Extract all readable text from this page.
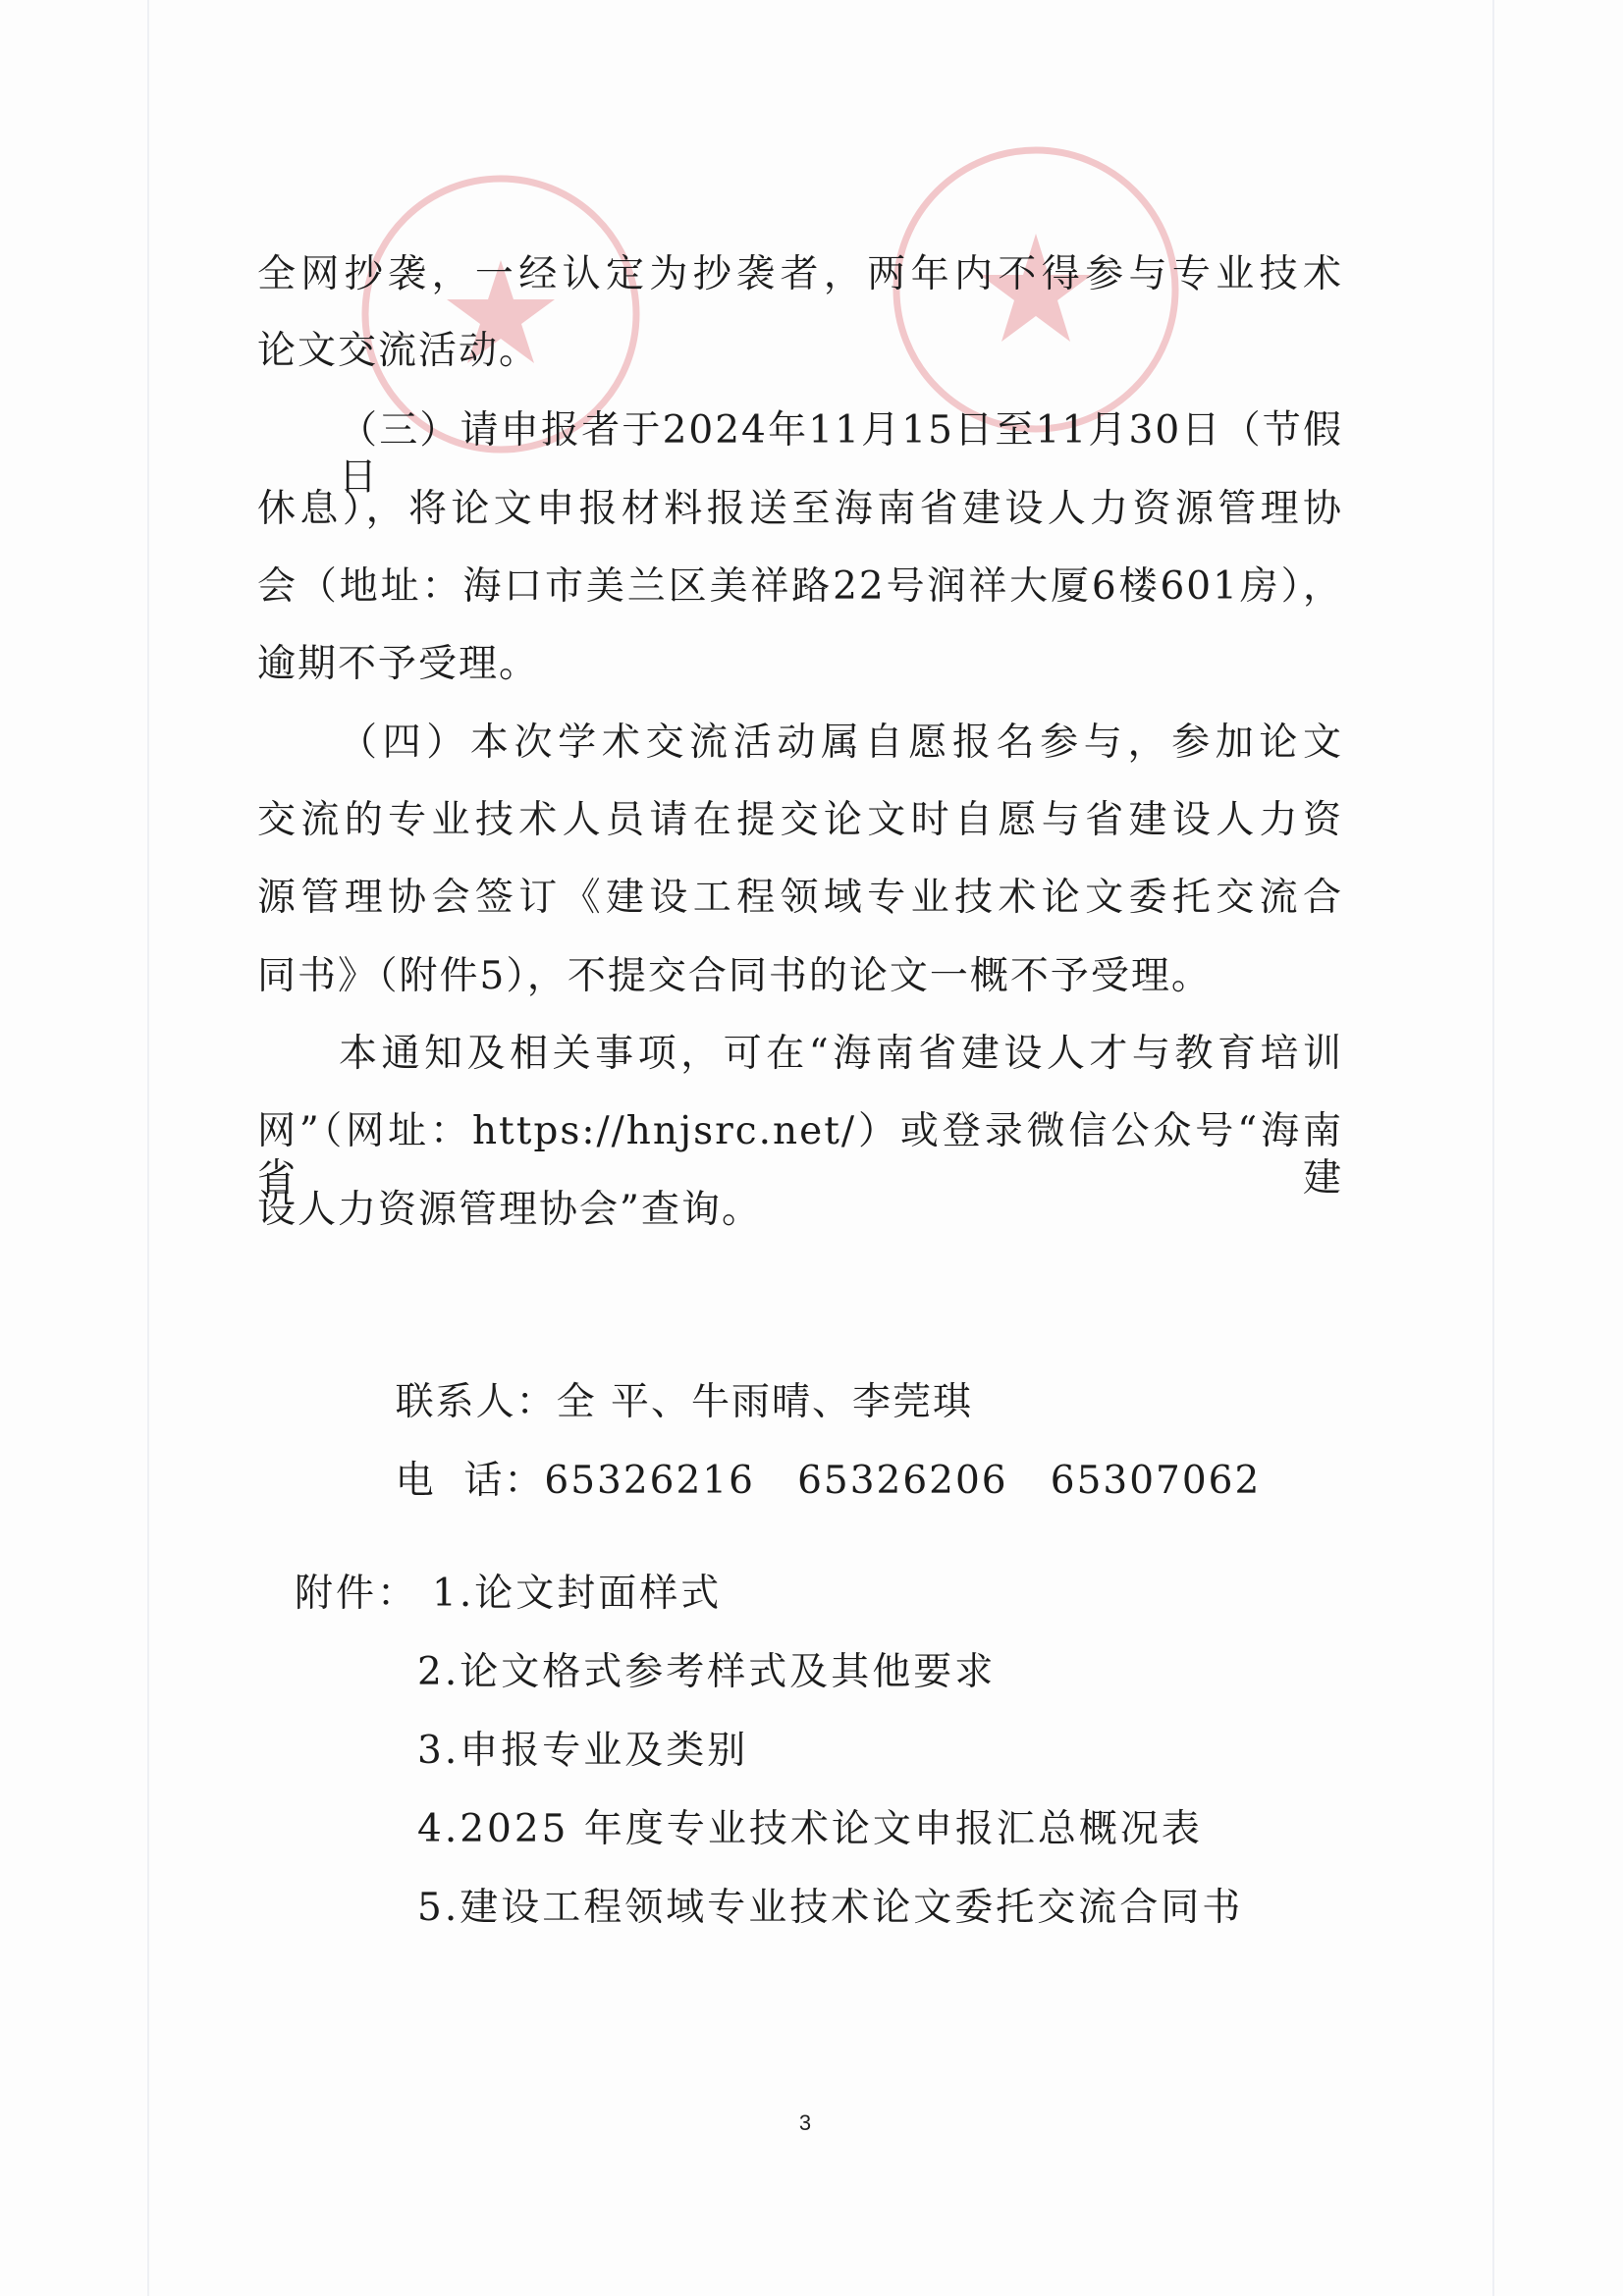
全网抄袭，一经认定为抄袭者，两年内不得参与专业技术
论文交流活动。
（三）请申报者于2024年11月15日至11月30日（节假日
休息），将论文申报材料报送至海南省建设人力资源管理协
会（地址：海口市美兰区美祥路22号润祥大厦6楼601房），
逾期不予受理。
（四）本次学术交流活动属自愿报名参与，参加论文
交流的专业技术人员请在提交论文时自愿与省建设人力资
源管理协会签订《建设工程领域专业技术论文委托交流合
同书》（附件5），不提交合同书的论文一概不予受理。
本通知及相关事项，可在“海南省建设人才与教育培训
网”（网址：https://hnjsrc.net/）或登录微信公众号“海南省建
设人力资源管理协会”查询。

联系人：全 平、牛雨晴、李莞琪

电  话：65326216   65326206   65307062

附件： 1.论文封面样式
2.论文格式参考样式及其他要求
3.申报专业及类别
4.2025 年度专业技术论文申报汇总概况表
5.建设工程领域专业技术论文委托交流合同书
3
